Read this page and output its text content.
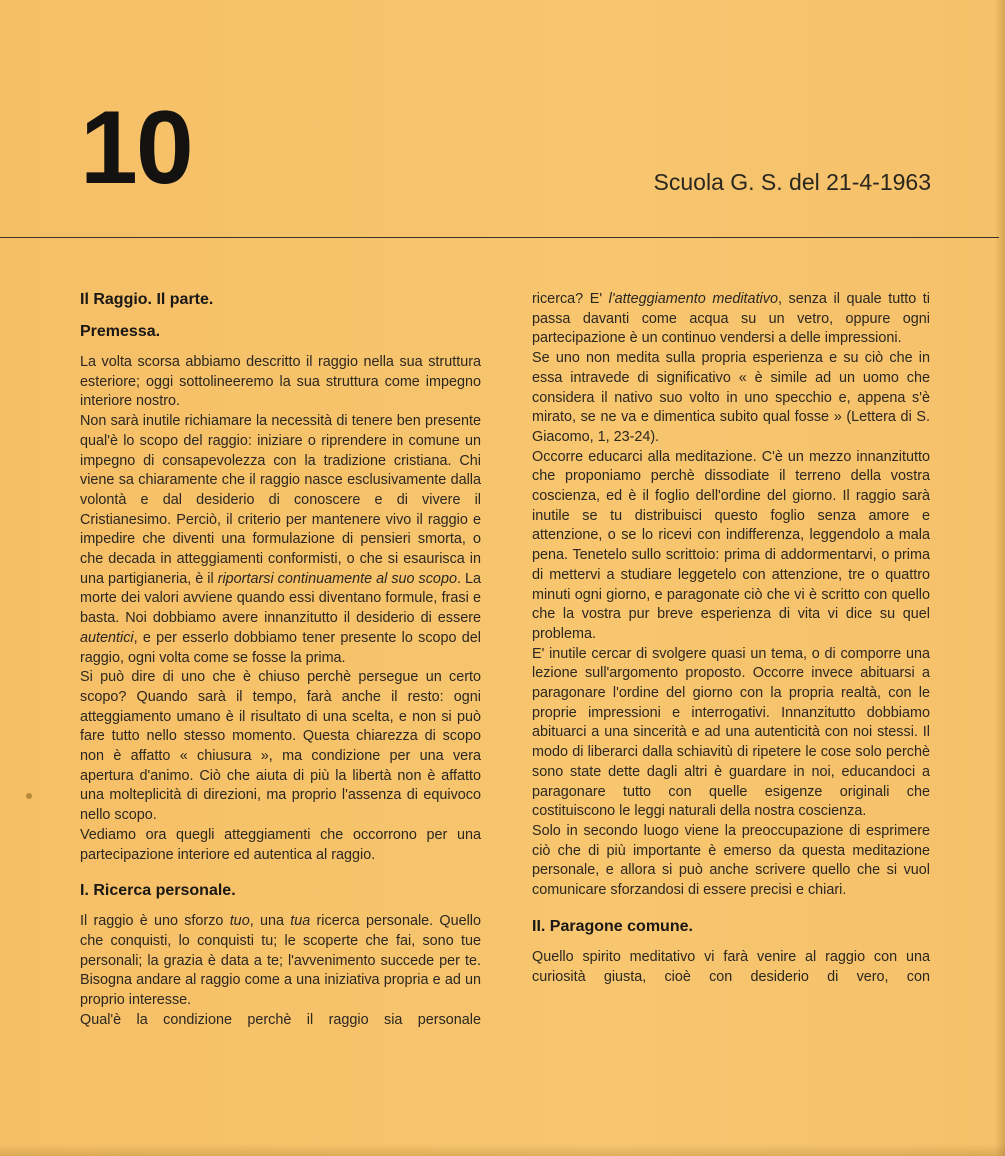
10	Scuola G. S. del 21-4-1963
Il Raggio. Il parte.
Premessa.

La volta scorsa abbiamo descritto il raggio nella sua struttura esteriore; oggi sottolineeremo la sua struttura come impegno interiore nostro.

Non sarà inutile richiamare la necessità di tenere ben presente qual'è lo scopo del raggio: iniziare o riprendere in comune un impegno di consapevolezza con la tradizione cristiana. Chi viene sa chiaramente che il raggio nasce esclusivamente dalla volontà e dal desiderio di conoscere e di vivere il Cristianesimo. Perciò, il criterio per mantenere vivo il raggio e impedire che diventi una formulazione di pensieri smorta, o che decada in atteggiamenti conformisti, o che si esaurisca in una partigianeria, è il riportarsi continuamente al suo scopo. La morte dei valori avviene quando essi diventano formule, frasi e basta. Noi dobbiamo avere innanzitutto il desiderio di essere autentici, e per esserlo dobbiamo tener presente lo scopo del raggio, ogni volta come se fosse la prima.

Si può dire di uno che è chiuso perchè persegue un certo scopo? Quando sarà il tempo, farà anche il resto: ogni atteggiamento umano è il risultato di una scelta, e non si può fare tutto nello stesso momento. Questa chiarezza di scopo non è affatto « chiusura », ma condizione per una vera apertura d'animo. Ciò che aiuta di più la libertà non è affatto una molteplicità di direzioni, ma proprio l'assenza di equivoco nello scopo.

Vediamo ora quegli atteggiamenti che occorrono per una partecipazione interiore ed autentica al raggio.

I. Ricerca personale.

Il raggio è uno sforzo tuo, una tua ricerca personale. Quello che conquisti, lo conquisti tu; le scoperte che fai, sono tue personali; la grazia è data a te; l'avvenimento succede per te. Bisogna andare al raggio come a una iniziativa propria e ad un proprio interesse.

Qual'è la condizione perchè il raggio sia personale

ricerca? E' l'atteggiamento meditativo, senza il quale tutto ti passa davanti come acqua su un vetro, oppure ogni partecipazione è un continuo vendersi a delle impressioni.

Se uno non medita sulla propria esperienza e su ciò che in essa intravede di significativo « è simile ad un uomo che considera il nativo suo volto in uno specchio e, appena s'è mirato, se ne va e dimentica subito qual fosse » (Lettera di S. Giacomo, 1, 23-24).

Occorre educarci alla meditazione. C'è un mezzo innanzitutto che proponiamo perchè dissodiate il terreno della vostra coscienza, ed è il foglio dell'ordine del giorno. Il raggio sarà inutile se tu distribuisci questo foglio senza amore e attenzione, o se lo ricevi con indifferenza, leggendolo a mala pena. Tenetelo sullo scrittoio: prima di addormentarvi, o prima di mettervi a studiare leggetelo con attenzione, tre o quattro minuti ogni giorno, e paragonate ciò che vi è scritto con quello che la vostra pur breve esperienza di vita vi dice su quel problema.

E' inutile cercar di svolgere quasi un tema, o di comporre una lezione sull'argomento proposto. Occorre invece abituarsi a paragonare l'ordine del giorno con la propria realtà, con le proprie impressioni e interrogativi. Innanzitutto dobbiamo abituarci a una sincerità e ad una autenticità con noi stessi. Il modo di liberarci dalla schiavitù di ripetere le cose solo perchè sono state dette dagli altri è guardare in noi, educandoci a paragonare tutto con quelle esigenze originali che costituiscono le leggi naturali della nostra coscienza.

Solo in secondo luogo viene la preoccupazione di esprimere ciò che di più importante è emerso da questa meditazione personale, e allora si può anche scrivere quello che si vuol comunicare sforzandosi di essere precisi e chiari.

II. Paragone comune.

Quello spirito meditativo vi farà venire al raggio con una curiosità giusta, cioè con desiderio di vero, con
